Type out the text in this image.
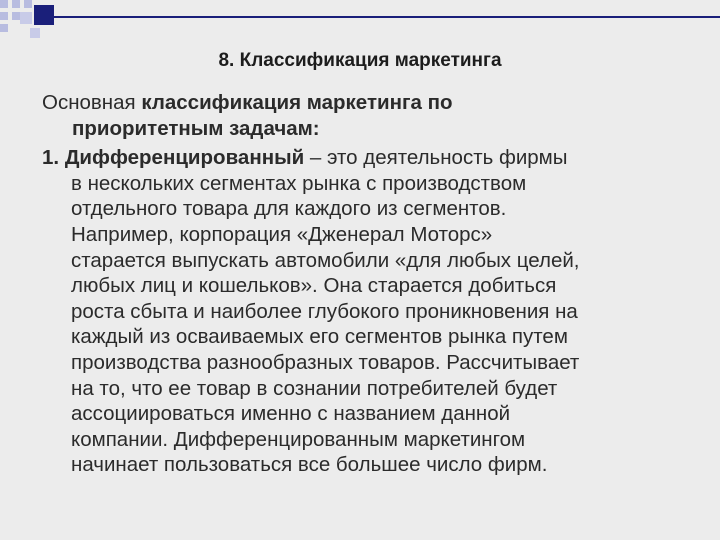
8. Классификация маркетинга

Основная классификация маркетинга по
приоритетным задачам:

1. Дифференцированный – это деятельность фирмы
в нескольких сегментах рынка с производством
отдельного товара для каждого из сегментов.
Например, корпорация «Дженерал Моторс»
старается выпускать автомобили «для любых целей,
любых лиц и кошельков». Она старается добиться
роста сбыта и наиболее глубокого проникновения на
каждый из осваиваемых его сегментов рынка путем
производства разнообразных товаров. Рассчитывает
на то, что ее товар в сознании потребителей будет
ассоциироваться именно с названием данной
компании. Дифференцированным маркетингом
начинает пользоваться все большее число фирм.
